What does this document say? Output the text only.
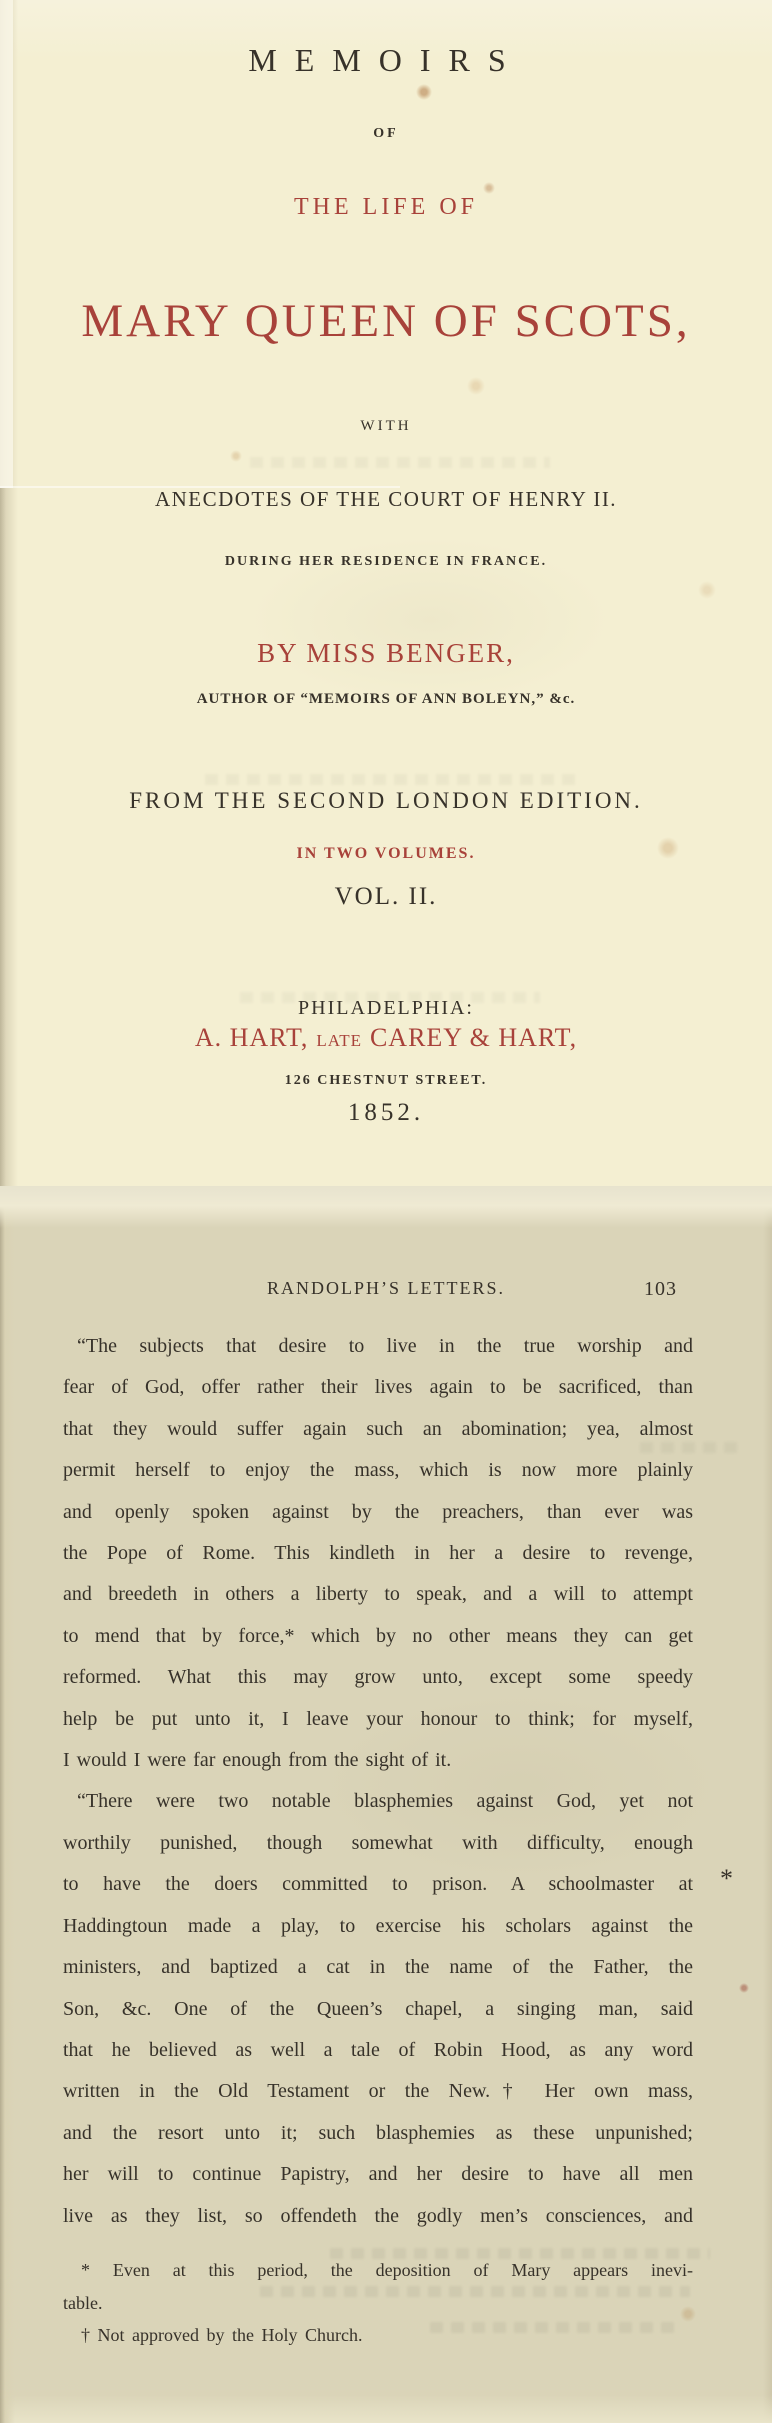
MEMOIRS
OF
THE LIFE OF
MARY QUEEN OF SCOTS,
WITH
ANECDOTES OF THE COURT OF HENRY II.
DURING HER RESIDENCE IN FRANCE.
BY MISS BENGER,
AUTHOR OF “MEMOIRS OF ANN BOLEYN,” &c.
FROM THE SECOND LONDON EDITION.
IN TWO VOLUMES.
VOL. II.
PHILADELPHIA:
A. HART, LATE CAREY & HART,
126 CHESTNUT STREET.
1852.
RANDOLPH’S LETTERS.	103
“The subjects that desire to live in the true worship and
fear of God, offer rather their lives again to be sacrificed, than
that they would suffer again such an abomination; yea, almost
permit herself to enjoy the mass, which is now more plainly
and openly spoken against by the preachers, than ever was
the Pope of Rome. This kindleth in her a desire to revenge,
and breedeth in others a liberty to speak, and a will to attempt
to mend that by force,* which by no other means they can get
reformed. What this may grow unto, except some speedy
help be put unto it, I leave your honour to think; for myself,
I would I were far enough from the sight of it.
“There were two notable blasphemies against God, yet not
worthily punished, though somewhat with difficulty, enough
to have the doers committed to prison. A schoolmaster at
Haddingtoun made a play, to exercise his scholars against the
ministers, and baptized a cat in the name of the Father, the
Son, &c. One of the Queen’s chapel, a singing man, said
that he believed as well a tale of Robin Hood, as any word
written in the Old Testament or the New.† Her own mass,
and the resort unto it; such blasphemies as these unpunished;
her will to continue Papistry, and her desire to have all men
live as they list, so offendeth the godly men’s consciences, and
*
* Even at this period, the deposition of Mary appears inevi-
table.
† Not approved by the Holy Church.
